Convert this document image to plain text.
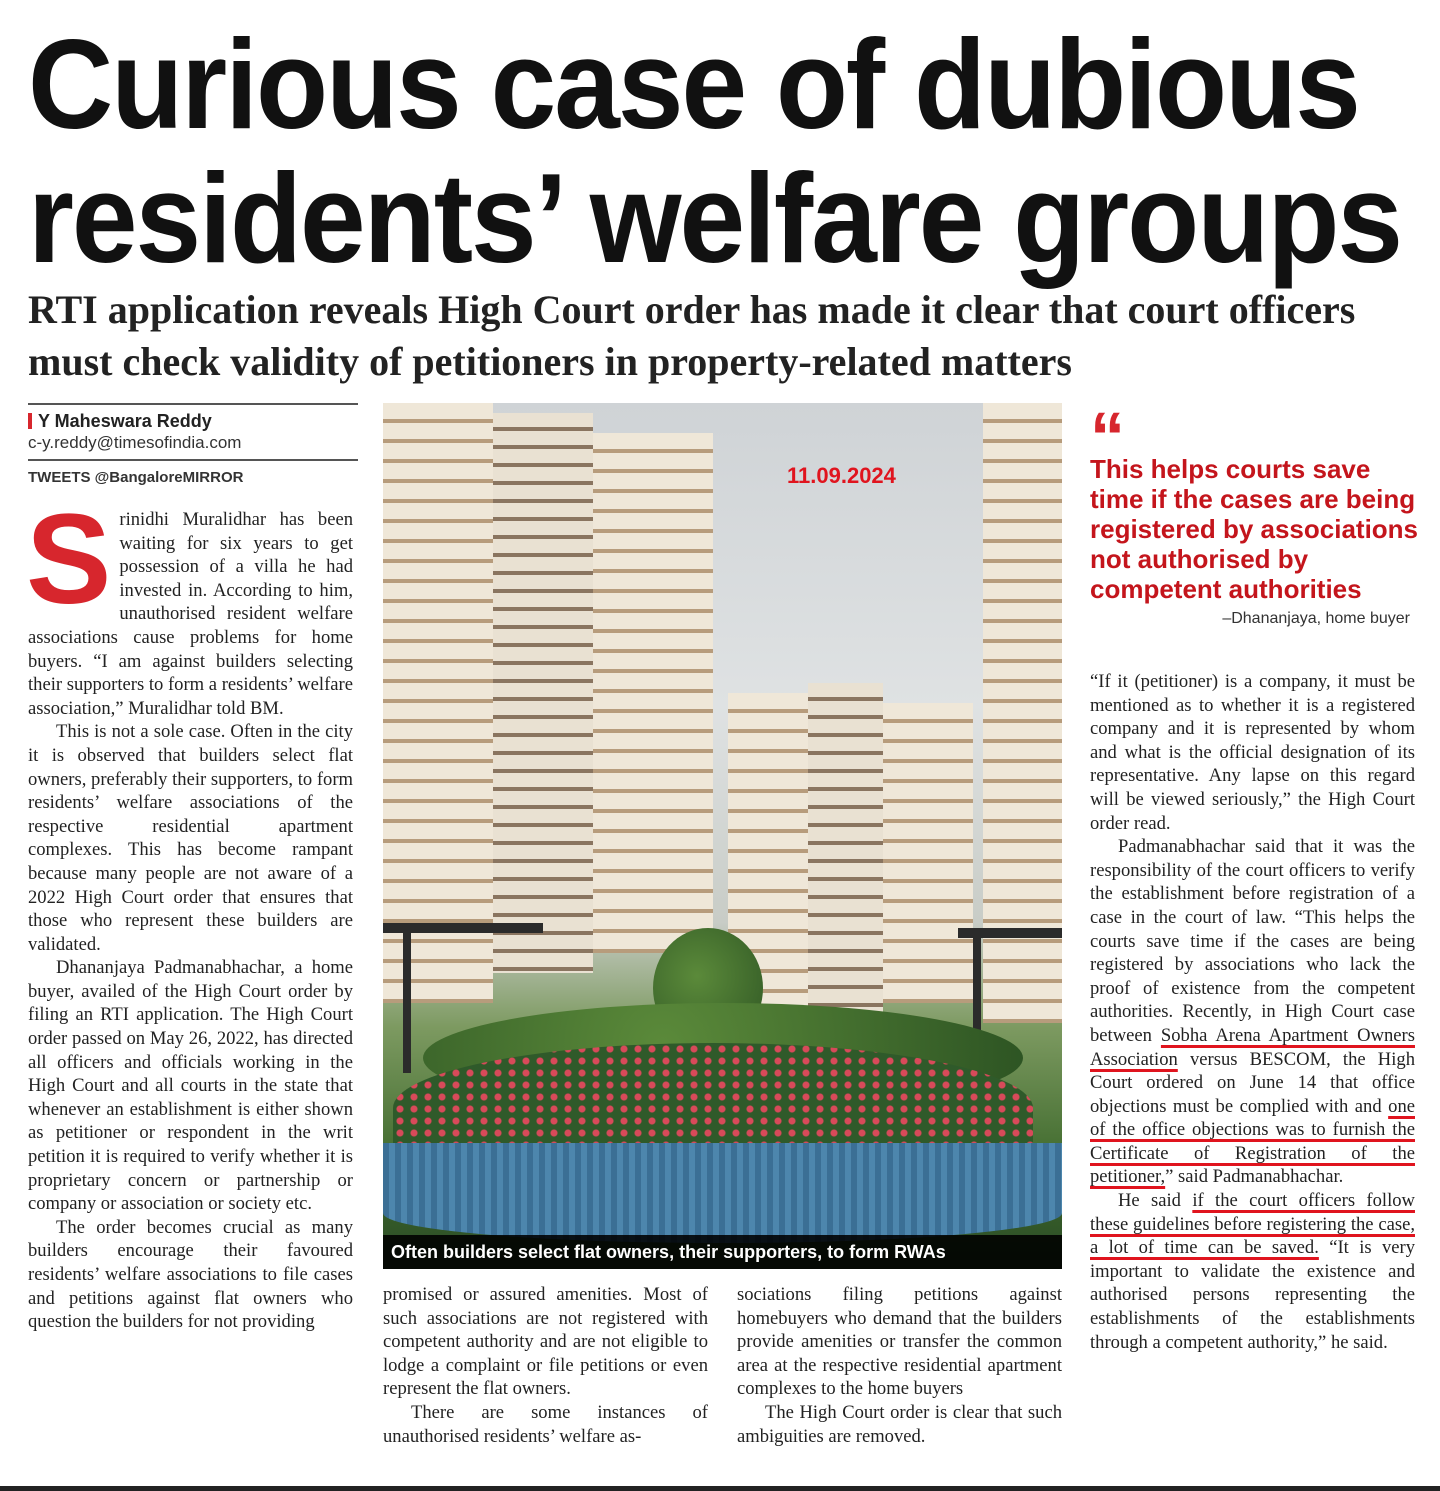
Curious case of dubious residents’ welfare groups
RTI application reveals High Court order has made it clear that court officers must check validity of petitioners in property-related matters
Y Maheswara Reddy
c-y.reddy@timesofindia.com
TWEETS @BangaloreMIRROR

Srinidhi Muralidhar has been waiting for six years to get possession of a villa he had invested in. According to him, unauthorised resident welfare associations cause problems for home buyers. “I am against builders selecting their supporters to form a residents’ welfare association,” Muralidhar told BM.

This is not a sole case. Often in the city it is observed that builders select flat owners, preferably their supporters, to form residents’ welfare associations of the respective residential apartment complexes. This has become rampant because many people are not aware of a 2022 High Court order that ensures that those who represent these builders are validated.

Dhananjaya Padmanabhachar, a home buyer, availed of the High Court order by filing an RTI application. The High Court order passed on May 26, 2022, has directed all officers and officials working in the High Court and all courts in the state that whenever an establishment is either shown as petitioner or respondent in the writ petition it is required to verify whether it is proprietary concern or partnership or company or association or society etc.

The order becomes crucial as many builders encourage their favoured residents’ welfare associations to file cases and petitions against flat owners who question the builders for not providing

11.09.2024
Often builders select flat owners, their supporters, to form RWAs

promised or assured amenities. Most of such associations are not registered with competent authority and are not eligible to lodge a complaint or file petitions or even represent the flat owners.

There are some instances of unauthorised residents’ welfare as-

sociations filing petitions against homebuyers who demand that the builders provide amenities or transfer the common area at the respective residential apartment complexes to the home buyers

The High Court order is clear that such ambiguities are removed.

“
This helps courts save time if the cases are being registered by associations not authorised by competent authorities
–Dhananjaya, home buyer

“If it (petitioner) is a company, it must be mentioned as to whether it is a registered company and it is represented by whom and what is the official designation of its representative. Any lapse on this regard will be viewed seriously,” the High Court order read.

Padmanabhachar said that it was the responsibility of the court officers to verify the establishment before registration of a case in the court of law. “This helps the courts save time if the cases are being registered by associations who lack the proof of existence from the competent authorities. Recently, in High Court case between Sobha Arena Apartment Owners Association versus BESCOM, the High Court ordered on June 14 that office objections must be complied with and one of the office objections was to furnish the Certificate of Registration of the petitioner,” said Padmanabhachar.

He said if the court officers follow these guidelines before registering the case, a lot of time can be saved. “It is very important to validate the existence and authorised persons representing the establishments of the establishments through a competent authority,” he said.
